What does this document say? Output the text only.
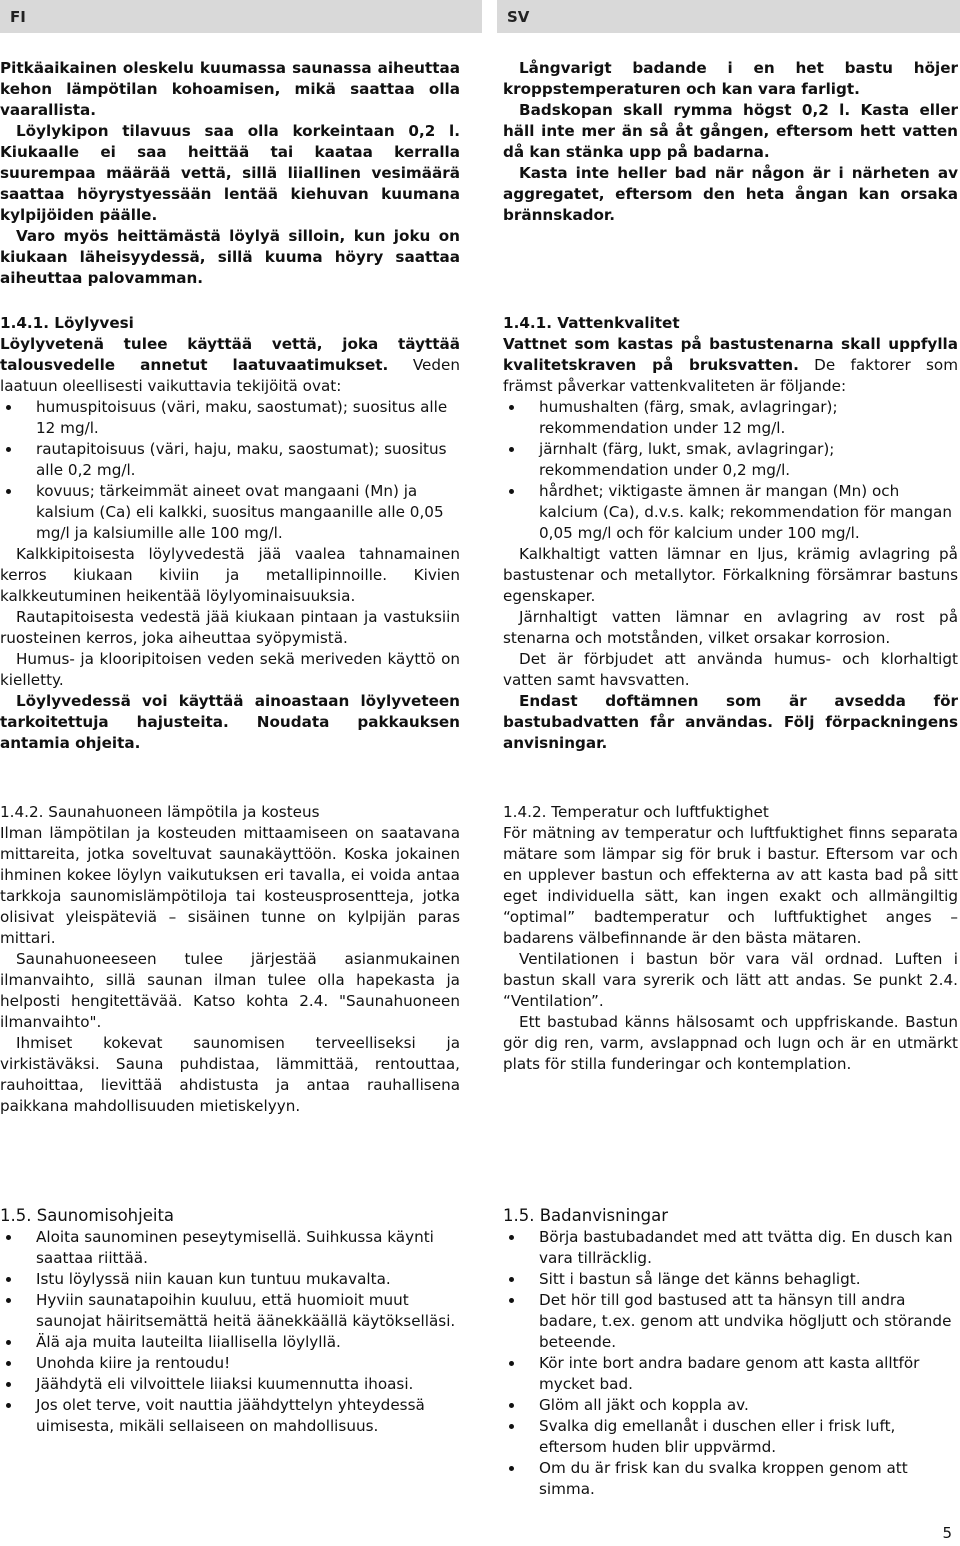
FI	SV

Pitkäaikainen oleskelu kuumassa saunassa aiheuttaa kehon lämpötilan kohoamisen, mikä saattaa olla vaarallista.

Löylykipon tilavuus saa olla korkeintaan 0,2 l. Kiukaalle ei saa heittää tai kaataa kerralla suurempaa määrää vettä, sillä liiallinen vesimäärä saattaa höyrystyessään lentää kiehuvan kuumana kylpijöiden päälle.

Varo myös heittämästä löylyä silloin, kun joku on kiukaan läheisyydessä, sillä kuuma höyry saattaa aiheuttaa palovamman.

Långvarigt badande i en het bastu höjer kroppstemperaturen och kan vara farligt.

Badskopan skall rymma högst 0,2 l. Kasta eller häll inte mer än så åt gången, eftersom hett vatten då kan stänka upp på badarna.

Kasta inte heller bad när någon är i närheten av aggregatet, eftersom den heta ångan kan orsaka brännskador.

1.4.1. Löylyvesi

Löylyvetenä tulee käyttää vettä, joka täyttää talousvedelle annetut laatuvaatimukset. Veden laatuun oleellisesti vaikuttavia tekijöitä ovat:

humuspitoisuus (väri, maku, saostumat); suositus alle 12 mg/l.
rautapitoisuus (väri, haju, maku, saostumat); suositus alle 0,2 mg/l.
kovuus; tärkeimmät aineet ovat mangaani (Mn) ja kalsium (Ca) eli kalkki, suositus mangaanille alle 0,05 mg/l ja kalsiumille alle 100 mg/l.

Kalkkipitoisesta löylyvedestä jää vaalea tahnamainen kerros kiukaan kiviin ja metallipinnoille. Kivien kalkkeutuminen heikentää löylyominaisuuksia.

Rautapitoisesta vedestä jää kiukaan pintaan ja vastuksiin ruosteinen kerros, joka aiheuttaa syöpymistä.

Humus- ja klooripitoisen veden sekä meriveden käyttö on kielletty.

Löylyvedessä voi käyttää ainoastaan löylyveteen tarkoitettuja hajusteita. Noudata pakkauksen antamia ohjeita.

1.4.1. Vattenkvalitet

Vattnet som kastas på bastustenarna skall uppfylla kvalitetskraven på bruksvatten. De faktorer som främst påverkar vattenkvaliteten är följande:

humushalten (färg, smak, avlagringar); rekommendation under 12 mg/l.
järnhalt (färg, lukt, smak, avlagringar); rekommendation under 0,2 mg/l.
hårdhet; viktigaste ämnen är mangan (Mn) och kalcium (Ca), d.v.s. kalk; rekommendation för mangan 0,05 mg/l och för kalcium under 100 mg/l.

Kalkhaltigt vatten lämnar en ljus, krämig avlagring på bastustenar och metallytor. Förkalkning försämrar bastuns egenskaper.

Järnhaltigt vatten lämnar en avlagring av rost på stenarna och motstånden, vilket orsakar korrosion.

Det är förbjudet att använda humus- och klorhaltigt vatten samt havsvatten.

Endast doftämnen som är avsedda för bastubadvatten får användas. Följ förpackningens anvisningar.

1.4.2. Saunahuoneen lämpötila ja kosteus

Ilman lämpötilan ja kosteuden mittaamiseen on saatavana mittareita, jotka soveltuvat saunakäyttöön. Koska jokainen ihminen kokee löylyn vaikutuksen eri tavalla, ei voida antaa tarkkoja saunomislämpötiloja tai kosteusprosentteja, jotka olisivat yleispäteviä – sisäinen tunne on kylpijän paras mittari.

Saunahuoneeseen tulee järjestää asianmukainen ilmanvaihto, sillä saunan ilman tulee olla hapekasta ja helposti hengitettävää. Katso kohta 2.4. "Saunahuoneen ilmanvaihto".

Ihmiset kokevat saunomisen terveelliseksi ja virkistäväksi. Sauna puhdistaa, lämmittää, rentouttaa, rauhoittaa, lievittää ahdistusta ja antaa rauhallisena paikkana mahdollisuuden mietiskelyyn.

1.4.2. Temperatur och luftfuktighet

För mätning av temperatur och luftfuktighet finns separata mätare som lämpar sig för bruk i bastur. Eftersom var och en upplever bastun och effekterna av att kasta bad på sitt eget individuella sätt, kan ingen exakt och allmängiltig “optimal” badtemperatur och luftfuktighet anges – badarens välbefinnande är den bästa mätaren.

Ventilationen i bastun bör vara väl ordnad. Luften i bastun skall vara syrerik och lätt att andas. Se punkt 2.4. “Ventilation”.

Ett bastubad känns hälsosamt och uppfriskande. Bastun gör dig ren, varm, avslappnad och lugn och är en utmärkt plats för stilla funderingar och kontemplation.

1.5. Saunomisohjeita

Aloita saunominen peseytymisellä. Suihkussa käynti saattaa riittää.
Istu löylyssä niin kauan kun tuntuu mukavalta.
Hyviin saunatapoihin kuuluu, että huomioit muut saunojat häiritsemättä heitä äänekkäällä käytökselläsi.
Älä aja muita lauteilta liiallisella löylyllä.
Unohda kiire ja rentoudu!
Jäähdytä eli vilvoittele liiaksi kuumennutta ihoasi.
Jos olet terve, voit nauttia jäähdyttelyn yhteydessä uimisesta, mikäli sellaiseen on mahdollisuus.

1.5. Badanvisningar

Börja bastubadandet med att tvätta dig. En dusch kan vara tillräcklig.
Sitt i bastun så länge det känns behagligt.
Det hör till god bastused att ta hänsyn till andra badare, t.ex. genom att undvika högljutt och störande beteende.
Kör inte bort andra badare genom att kasta alltför mycket bad.
Glöm all jäkt och koppla av.
Svalka dig emellanåt i duschen eller i frisk luft, eftersom huden blir uppvärmd.
Om du är frisk kan du svalka kroppen genom att simma.
5
